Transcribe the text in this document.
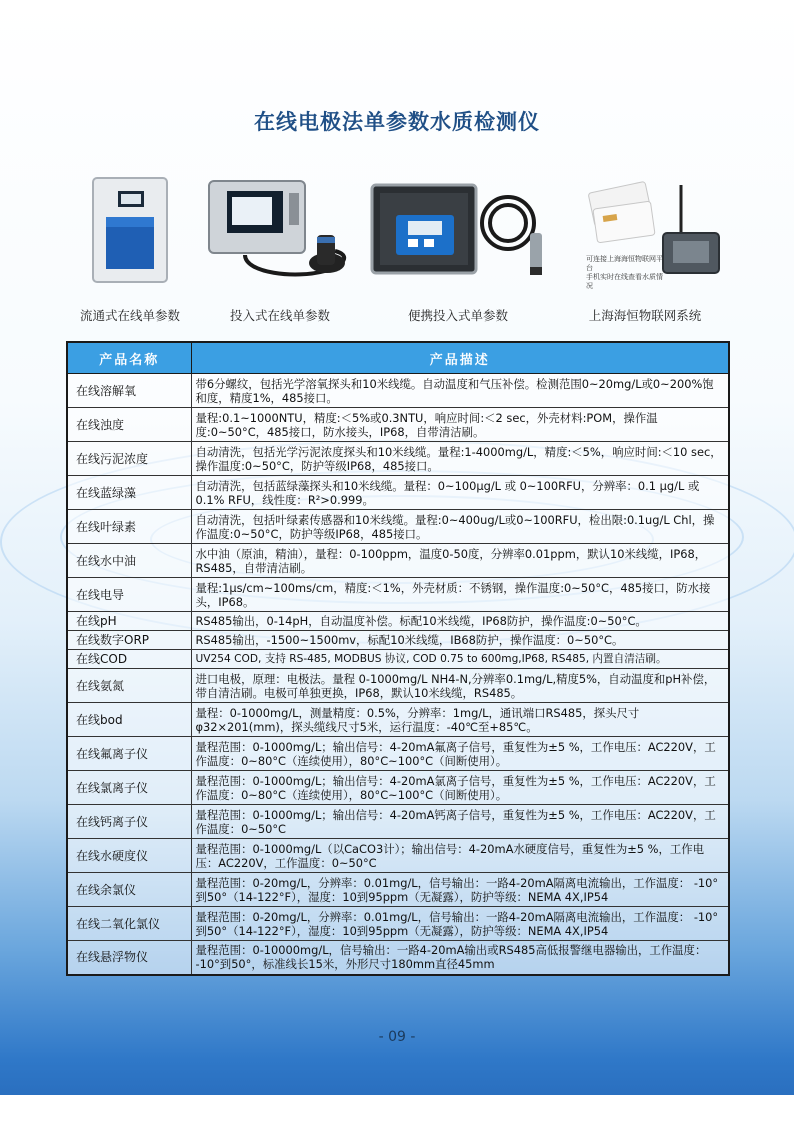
在线电极法单参数水质检测仪
流通式在线单参数	投入式在线单参数	便携投入式单参数
可连接上海海恒物联网平台
手机实时在线查看水质情况
上海海恒物联网系统
产品名称	产品描述
在线溶解氧	带6分螺纹，包括光学溶氧探头和10米线缆。自动温度和气压补偿。检测范围0~20mg/L或0~200%饱和度，精度1%，485接口。
在线浊度	量程:0.1~1000NTU，精度:＜5%或0.3NTU，响应时间:＜2 sec，外壳材料:POM，操作温度:0~50°C，485接口，防水接头，IP68，自带清洁刷。
在线污泥浓度	自动清洗，包括光学污泥浓度探头和10米线缆。量程:1-4000mg/L，精度:＜5%，响应时间:＜10 sec，操作温度:0~50°C，防护等级IP68，485接口。
在线蓝绿藻	自动清洗，包括蓝绿藻探头和10米线缆。量程：0~100μg/L 或 0~100RFU，分辨率：0.1 μg/L 或 0.1% RFU，线性度：R²>0.999。
在线叶绿素	自动清洗，包括叶绿素传感器和10米线缆。量程:0~400ug/L或0~100RFU，检出限:0.1ug/L Chl，操作温度:0~50°C，防护等级IP68，485接口。
在线水中油	水中油（原油，精油），量程：0-100ppm，温度0-50度，分辨率0.01ppm，默认10米线缆，IP68， RS485，自带清洁刷。
在线电导	量程:1μs/cm~100ms/cm，精度:＜1%，外壳材质：不锈钢，操作温度:0~50°C，485接口，防水接头，IP68。
在线pH	RS485输出，0-14pH，自动温度补偿。标配10米线缆，IP68防护，操作温度:0~50°C。
在线数字ORP	RS485输出，-1500~1500mv，标配10米线缆，IB68防护，操作温度：0~50°C。
在线COD	UV254 COD, 支持 RS-485, MODBUS 协议, COD 0.75 to 600mg,IP68, RS485, 内置自清洁刷。
在线氨氮	进口电极，原理：电极法。量程 0-1000mg/L NH4-N,分辨率0.1mg/L,精度5%，自动温度和pH补偿，带自清洁刷。电极可单独更换，IP68，默认10米线缆，RS485。
在线bod	量程：0-1000mg/L，测量精度：0.5%，分辨率：1mg/L，通讯端口RS485，探头尺寸φ32×201(mm)，探头缆线尺寸5米，运行温度：-40℃至+85℃。
在线氟离子仪	量程范围：0-1000mg/L；输出信号：4-20mA氟离子信号，重复性为±5 %，工作电压：AC220V，工作温度：0~80°C（连续使用），80°C~100°C（间断使用）。
在线氯离子仪	量程范围：0-1000mg/L；输出信号：4-20mA氯离子信号，重复性为±5 %，工作电压：AC220V，工作温度：0~80°C（连续使用），80°C~100°C（间断使用）。
在线钙离子仪	量程范围：0-1000mg/L；输出信号：4-20mA钙离子信号，重复性为±5 %，工作电压：AC220V，工作温度：0~50°C
在线水硬度仪	量程范围：0-1000mg/L（以CaCO3计）；输出信号：4-20mA水硬度信号，重复性为±5 %，工作电压：AC220V，工作温度：0~50°C
在线余氯仪	量程范围：0-20mg/L，分辨率：0.01mg/L，信号输出：一路4-20mA隔离电流输出，工作温度： -10°到50°（14-122°F），湿度：10到95ppm（无凝露），防护等级：NEMA 4X,IP54
在线二氧化氯仪	量程范围：0-20mg/L，分辨率：0.01mg/L，信号输出：一路4-20mA隔离电流输出，工作温度： -10°到50°（14-122°F），湿度：10到95ppm（无凝露），防护等级：NEMA 4X,IP54
在线悬浮物仪	量程范围：0-10000mg/L，信号输出：一路4-20mA输出或RS485高低报警继电器输出，工作温度： -10°到50°，标准线长15米，外形尺寸180mm直径45mm
- 09 -
